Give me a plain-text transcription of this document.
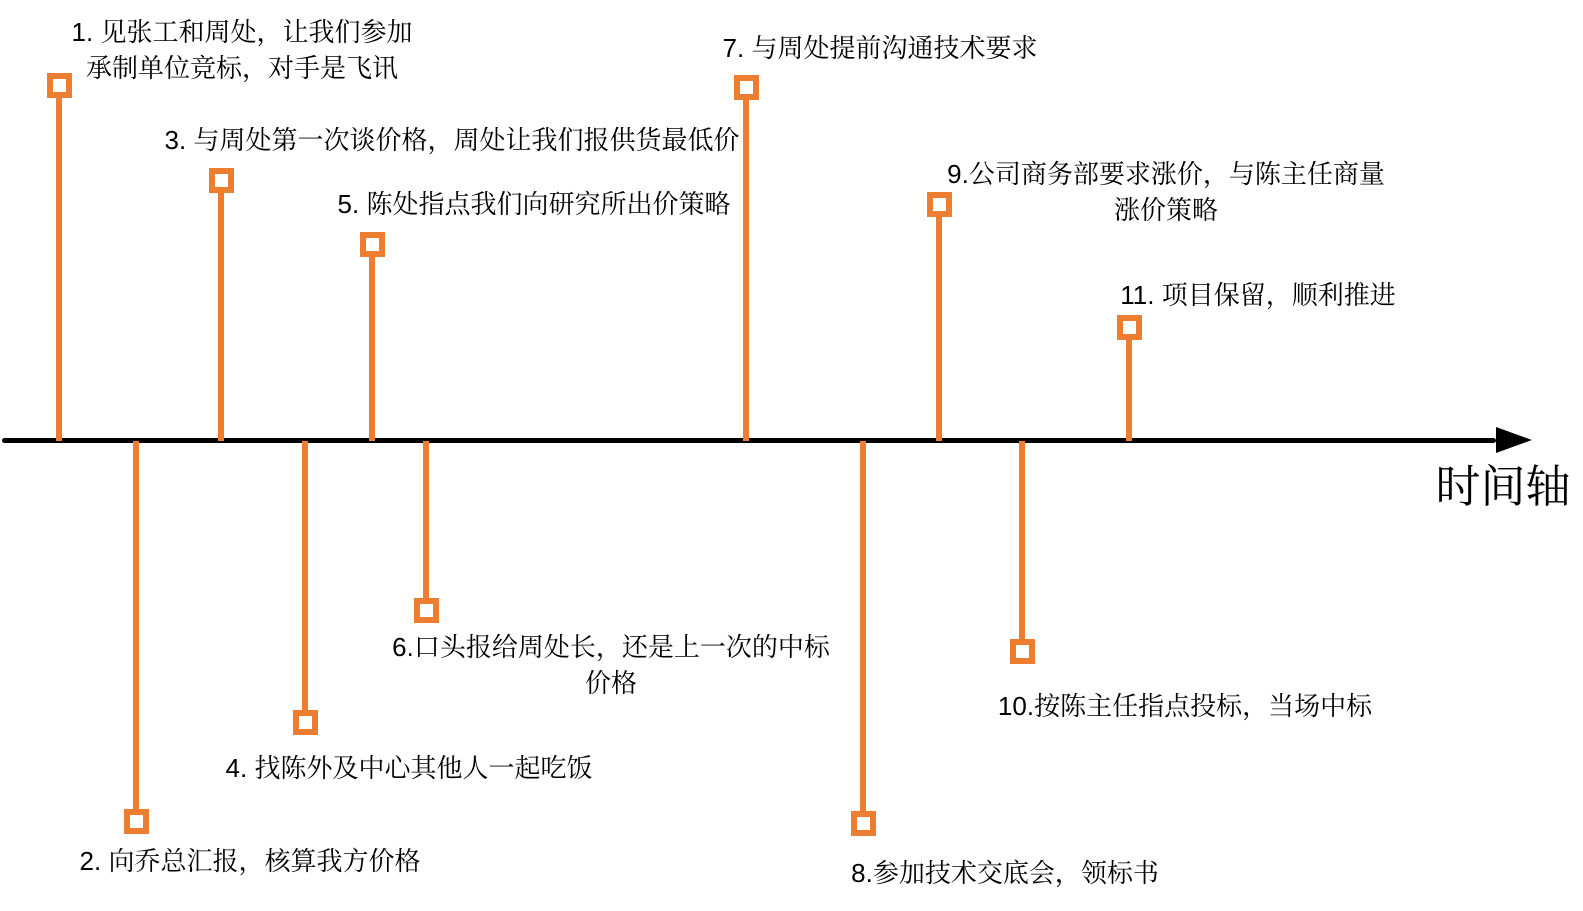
时间轴
1. 见张工和周处，让我们参加
承制单位竞标，对手是飞讯
2. 向乔总汇报，核算我方价格
3. 与周处第一次谈价格，周处让我们报供货最低价
4. 找陈外及中心其他人一起吃饭
5. 陈处指点我们向研究所出价策略
6.口头报给周处长，还是上一次的中标
价格
7. 与周处提前沟通技术要求
8.参加技术交底会，领标书
9.公司商务部要求涨价，与陈主任商量
涨价策略
10.按陈主任指点投标，当场中标
11. 项目保留，顺利推进
